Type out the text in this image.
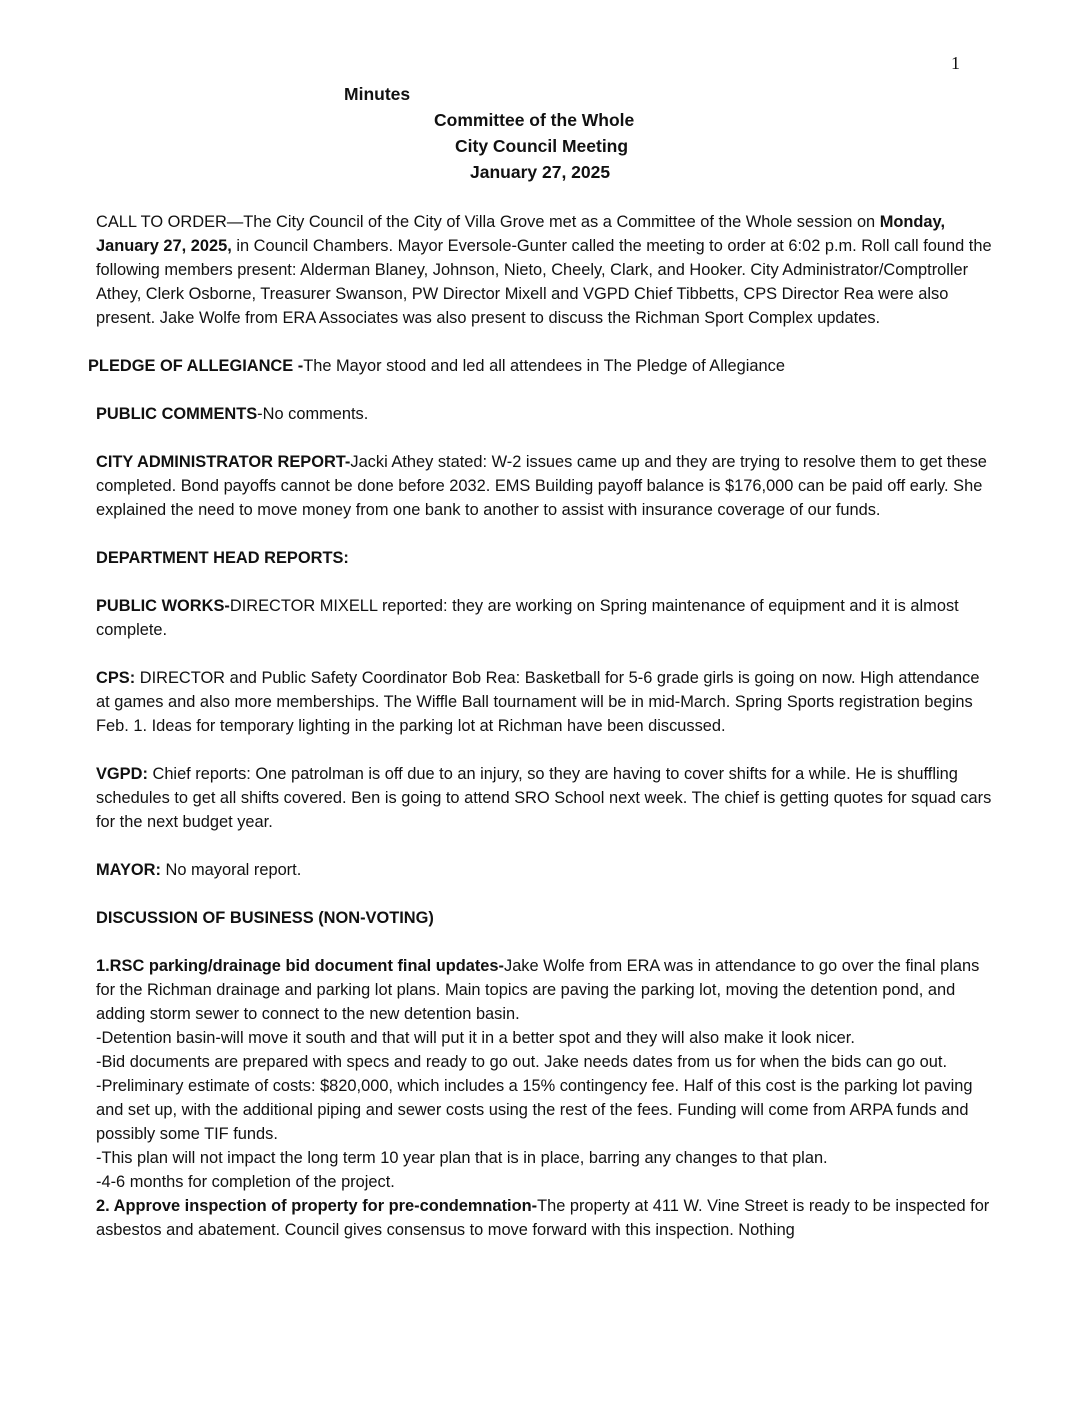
1
Minutes
Committee of the Whole
City Council Meeting
January 27, 2025

CALL TO ORDER—The City Council of the City of Villa Grove met as a Committee of the Whole session on Monday, January 27, 2025, in Council Chambers. Mayor Eversole-Gunter called the meeting to order at 6:02 p.m. Roll call found the following members present: Alderman Blaney, Johnson, Nieto, Cheely, Clark, and Hooker. City Administrator/Comptroller Athey, Clerk Osborne, Treasurer Swanson, PW Director Mixell and VGPD Chief Tibbetts, CPS Director Rea were also present. Jake Wolfe from ERA Associates was also present to discuss the Richman Sport Complex updates.

PLEDGE OF ALLEGIANCE -The Mayor stood and led all attendees in The Pledge of Allegiance

PUBLIC COMMENTS-No comments.

CITY ADMINISTRATOR REPORT-Jacki Athey stated: W-2 issues came up and they are trying to resolve them to get these completed. Bond payoffs cannot be done before 2032. EMS Building payoff balance is $176,000 can be paid off early. She explained the need to move money from one bank to another to assist with insurance coverage of our funds.

DEPARTMENT HEAD REPORTS:

PUBLIC WORKS-DIRECTOR MIXELL reported: they are working on Spring maintenance of equipment and it is almost complete.

CPS: DIRECTOR and Public Safety Coordinator Bob Rea: Basketball for 5-6 grade girls is going on now. High attendance at games and also more memberships. The Wiffle Ball tournament will be in mid-March. Spring Sports registration begins Feb. 1. Ideas for temporary lighting in the parking lot at Richman have been discussed.

VGPD: Chief reports: One patrolman is off due to an injury, so they are having to cover shifts for a while. He is shuffling schedules to get all shifts covered. Ben is going to attend SRO School next week. The chief is getting quotes for squad cars for the next budget year.

MAYOR: No mayoral report.

DISCUSSION OF BUSINESS (NON-VOTING)

1.RSC parking/drainage bid document final updates-Jake Wolfe from ERA was in attendance to go over the final plans for the Richman drainage and parking lot plans. Main topics are paving the parking lot, moving the detention pond, and adding storm sewer to connect to the new detention basin.

-Detention basin-will move it south and that will put it in a better spot and they will also make it look nicer.

-Bid documents are prepared with specs and ready to go out. Jake needs dates from us for when the bids can go out.

-Preliminary estimate of costs: $820,000, which includes a 15% contingency fee. Half of this cost is the parking lot paving and set up, with the additional piping and sewer costs using the rest of the fees. Funding will come from ARPA funds and possibly some TIF funds.

-This plan will not impact the long term 10 year plan that is in place, barring any changes to that plan.

-4-6 months for completion of the project.

2. Approve inspection of property for pre-condemnation-The property at 411 W. Vine Street is ready to be inspected for asbestos and abatement. Council gives consensus to move forward with this inspection. Nothing
